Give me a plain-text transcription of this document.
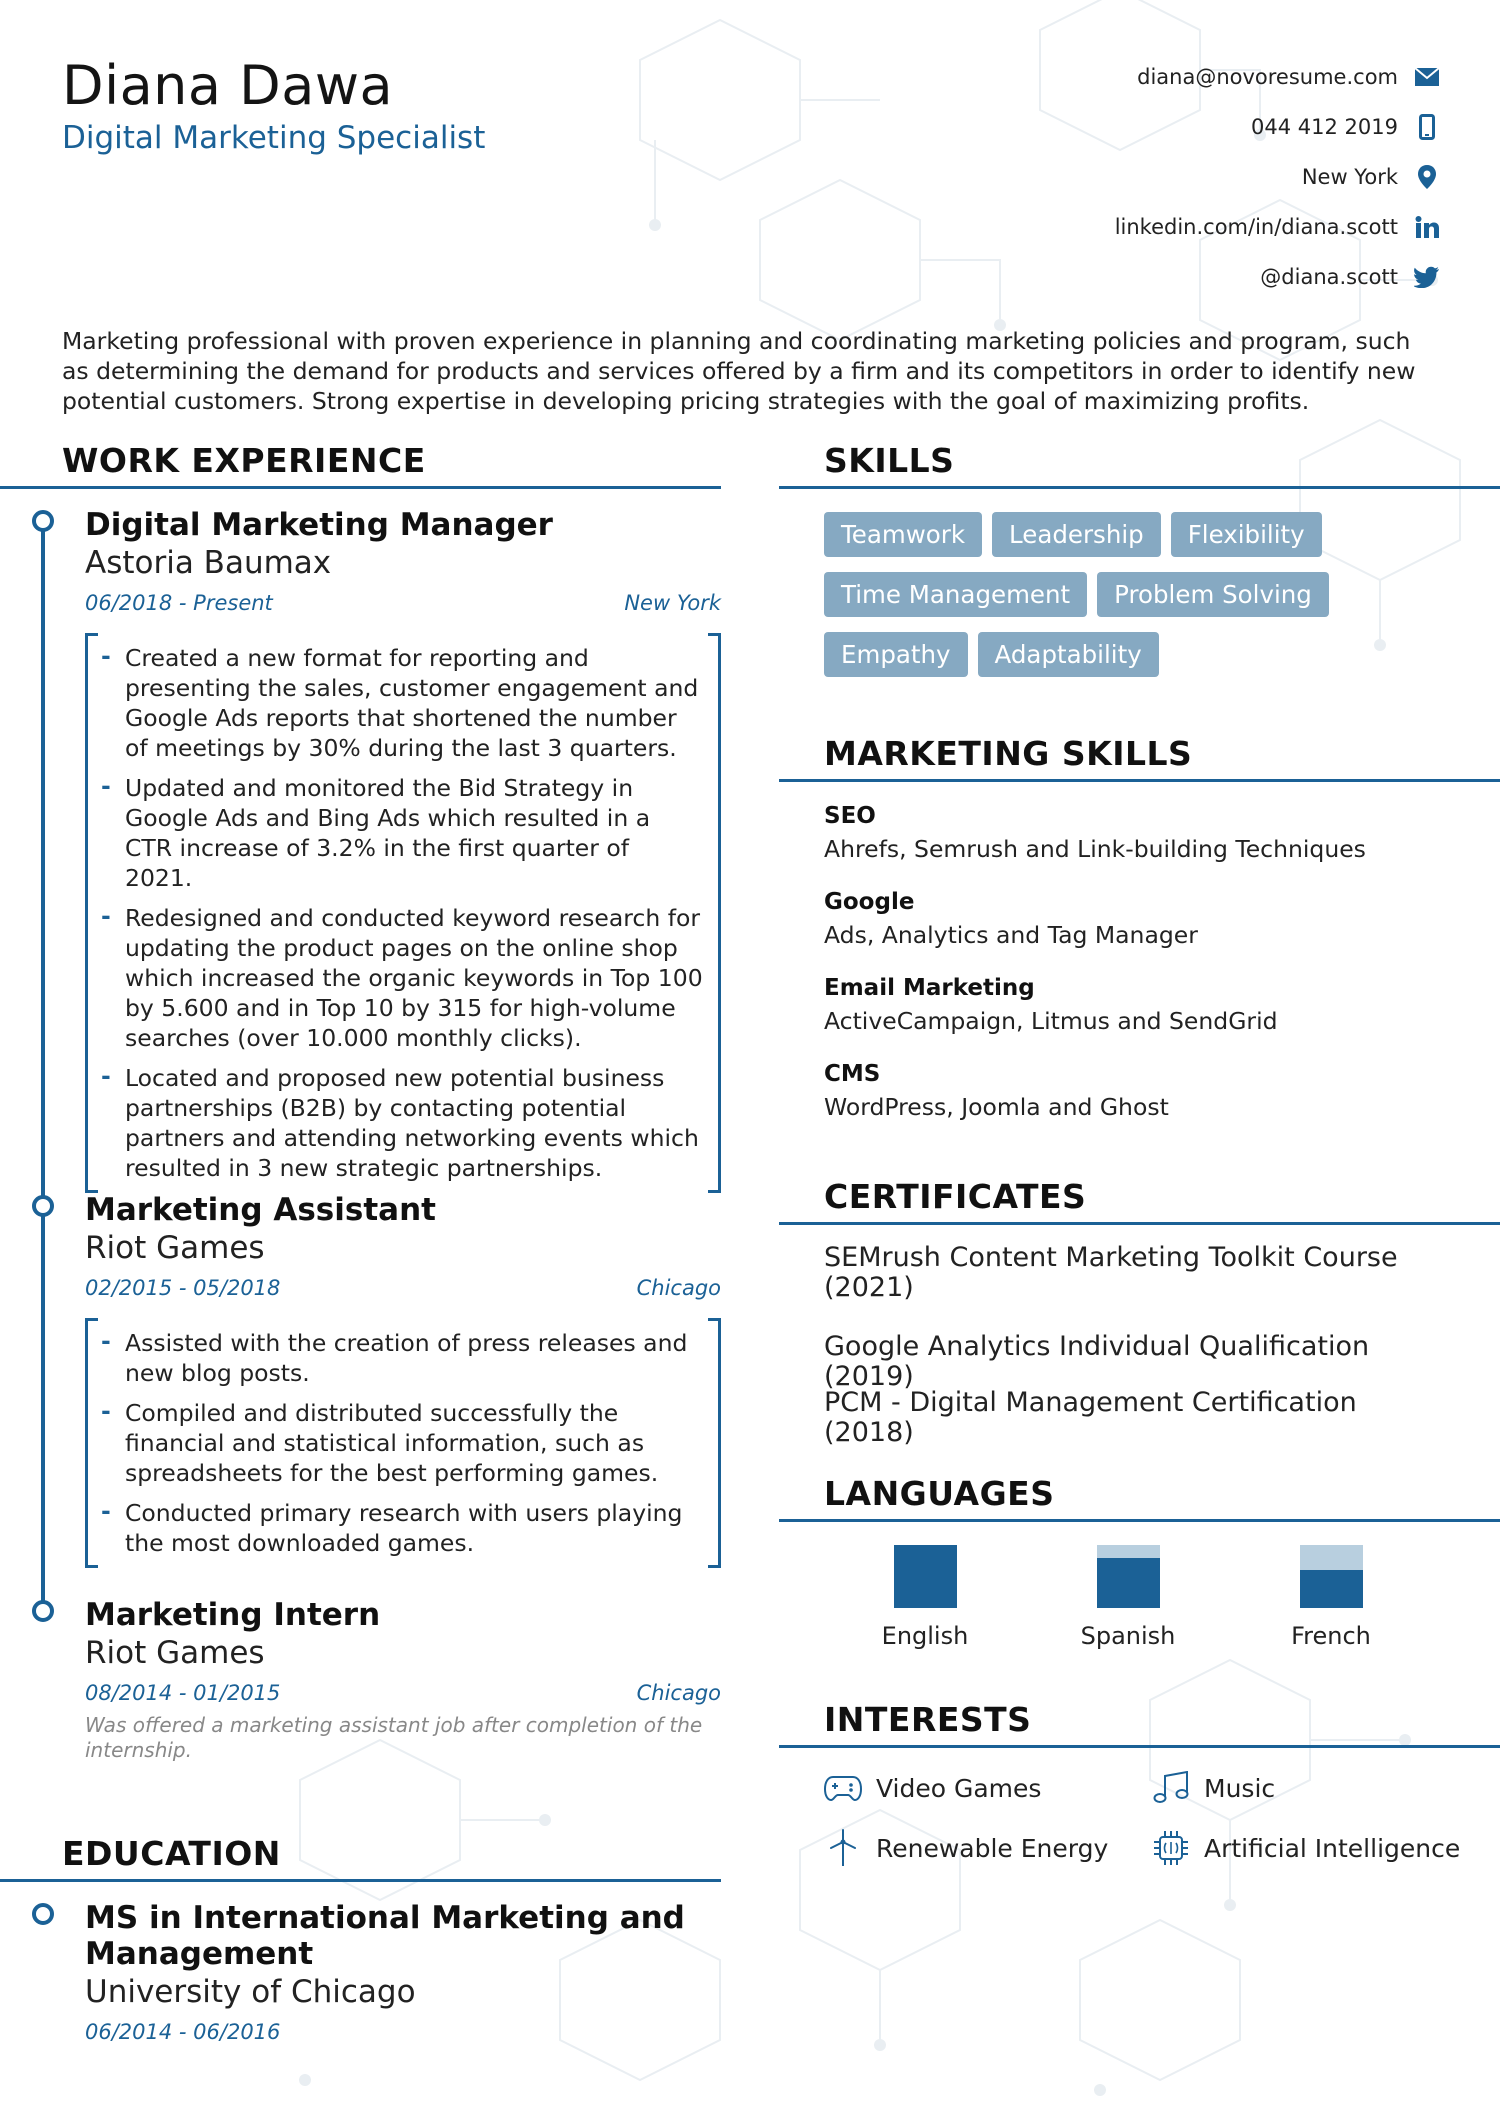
Diana Dawa
Digital Marketing Specialist
diana@novoresume.com
044 412 2019
New York
linkedin.com/in/diana.scott
@diana.scott
Marketing professional with proven experience in planning and coordinating marketing policies and program, such as determining the demand for products and services offered by a firm and its competitors in order to identify new potential customers. Strong expertise in developing pricing strategies with the goal of maximizing profits.
WORK EXPERIENCE
Digital Marketing Manager
Astoria Baumax
06/2018 - Present	New York
- Created a new format for reporting and presenting the sales, customer engagement and Google Ads reports that shortened the number of meetings by 30% during the last 3 quarters.
- Updated and monitored the Bid Strategy in Google Ads and Bing Ads which resulted in a CTR increase of 3.2% in the first quarter of 2021.
- Redesigned and conducted keyword research for updating the product pages on the online shop which increased the organic keywords in Top 100 by 5.600 and in Top 10 by 315 for high-volume searches (over 10.000 monthly clicks).
- Located and proposed new potential business partnerships (B2B) by contacting potential partners and attending networking events which resulted in 3 new strategic partnerships.
Marketing Assistant
Riot Games
02/2015 - 05/2018	Chicago
- Assisted with the creation of press releases and new blog posts.
- Compiled and distributed successfully the financial and statistical information, such as spreadsheets for the best performing games.
- Conducted primary research with users playing the most downloaded games.
Marketing Intern
Riot Games
08/2014 - 01/2015	Chicago
Was offered a marketing assistant job after completion of the internship.
EDUCATION
MS in International Marketing and Management
University of Chicago
06/2014 - 06/2016
SKILLS
Teamwork	Leadership	Flexibility
Time Management	Problem Solving
Empathy	Adaptability
MARKETING SKILLS
SEO
Ahrefs, Semrush and Link-building Techniques
Google
Ads, Analytics and Tag Manager
Email Marketing
ActiveCampaign, Litmus and SendGrid
CMS
WordPress, Joomla and Ghost
CERTIFICATES
SEMrush Content Marketing Toolkit Course
(2021)
Google Analytics Individual Qualification (2019)
PCM - Digital Management Certification (2018)
LANGUAGES
English	Spanish	French
INTERESTS
Video Games	Music
Renewable Energy	Artificial Intelligence
